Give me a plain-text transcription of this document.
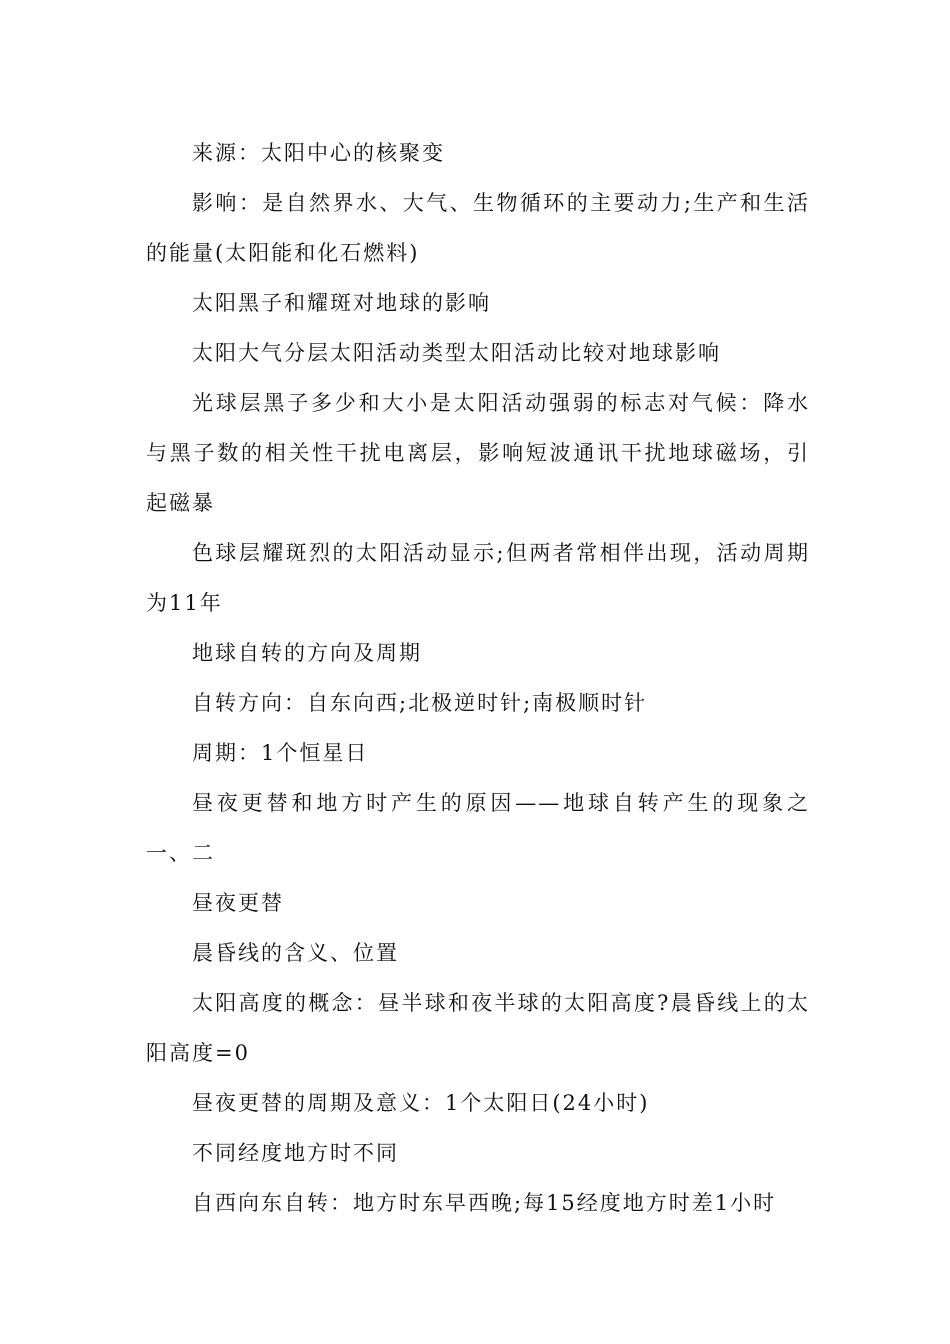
来源：太阳中心的核聚变

影响：是自然界水、大气、生物循环的主要动力;生产和生活的能量(太阳能和化石燃料)

太阳黑子和耀斑对地球的影响

太阳大气分层太阳活动类型太阳活动比较对地球影响

光球层黑子多少和大小是太阳活动强弱的标志对气候：降水与黑子数的相关性干扰电离层，影响短波通讯干扰地球磁场，引起磁暴

色球层耀斑烈的太阳活动显示;但两者常相伴出现，活动周期为11年

地球自转的方向及周期

自转方向：自东向西;北极逆时针;南极顺时针

周期：1个恒星日

昼夜更替和地方时产生的原因——地球自转产生的现象之一、二

昼夜更替

晨昏线的含义、位置

太阳高度的概念：昼半球和夜半球的太阳高度?晨昏线上的太阳高度=0

昼夜更替的周期及意义：1个太阳日(24小时)

不同经度地方时不同

自西向东自转：地方时东早西晚;每15经度地方时差1小时
